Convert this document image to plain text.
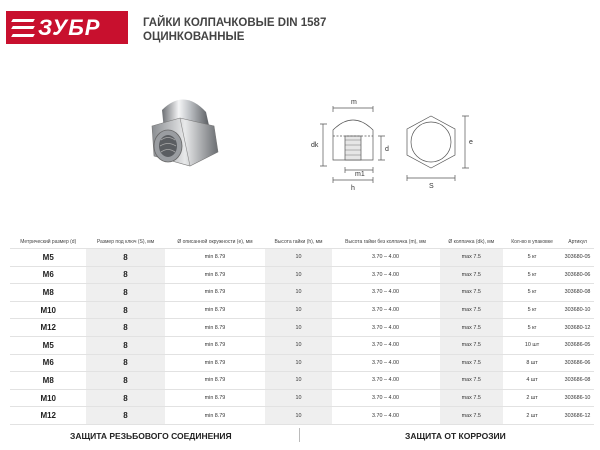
ЗУБР	ГАЙКИ КОЛПАЧКОВЫЕ DIN 1587
ОЦИНКОВАННЫЕ
m
dk
d
m1
h
e
S
Метрический размер (d)	Размер под ключ (S), мм	Ø описанной окружности (e), мм	Высота гайки (h), мм	Высота гайки без колпачка (m), мм	Ø колпачка (dk), мм	Кол-во в упаковке	Артикул
M5	8	min 8.79	10	3.70 – 4.00	max 7.5	5 кг	303680-05
M6	8	min 8.79	10	3.70 – 4.00	max 7.5	5 кг	303680-06
M8	8	min 8.79	10	3.70 – 4.00	max 7.5	5 кг	303680-08
M10	8	min 8.79	10	3.70 – 4.00	max 7.5	5 кг	303680-10
M12	8	min 8.79	10	3.70 – 4.00	max 7.5	5 кг	303680-12
M5	8	min 8.79	10	3.70 – 4.00	max 7.5	10 шт	303686-05
M6	8	min 8.79	10	3.70 – 4.00	max 7.5	8 шт	303686-06
M8	8	min 8.79	10	3.70 – 4.00	max 7.5	4 шт	303686-08
M10	8	min 8.79	10	3.70 – 4.00	max 7.5	2 шт	303686-10
M12	8	min 8.79	10	3.70 – 4.00	max 7.5	2 шт	303686-12
ЗАЩИТА РЕЗЬБОВОГО СОЕДИНЕНИЯ	ЗАЩИТА ОТ КОРРОЗИИ
